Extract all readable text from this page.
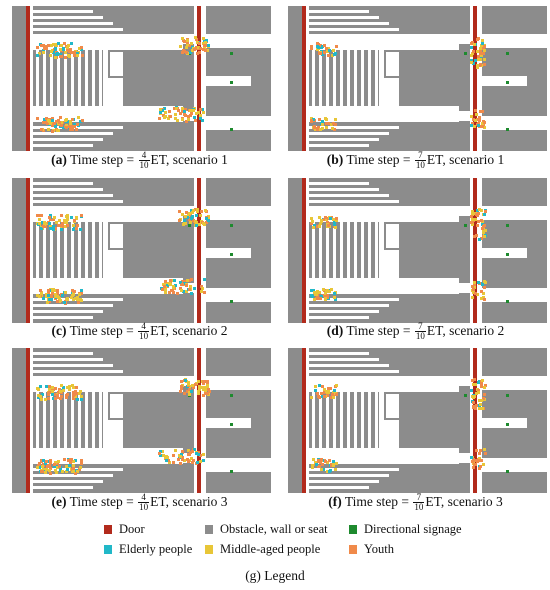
(a) Time step = $\frac{4}{10}$ ET, scenario 1	(b) Time step = $\frac{7}{10}$ ET, scenario 1
(c) Time step = $\frac{4}{10}$ ET, scenario 2	(d) Time step = $\frac{7}{10}$ ET, scenario 2
(e) Time step = $\frac{4}{10}$ ET, scenario 3	(f) Time step = $\frac{7}{10}$ ET, scenario 3
Door	Obstacle, wall or seat	Directional signage
Elderly people	Middle-aged people	Youth
(g) Legend
